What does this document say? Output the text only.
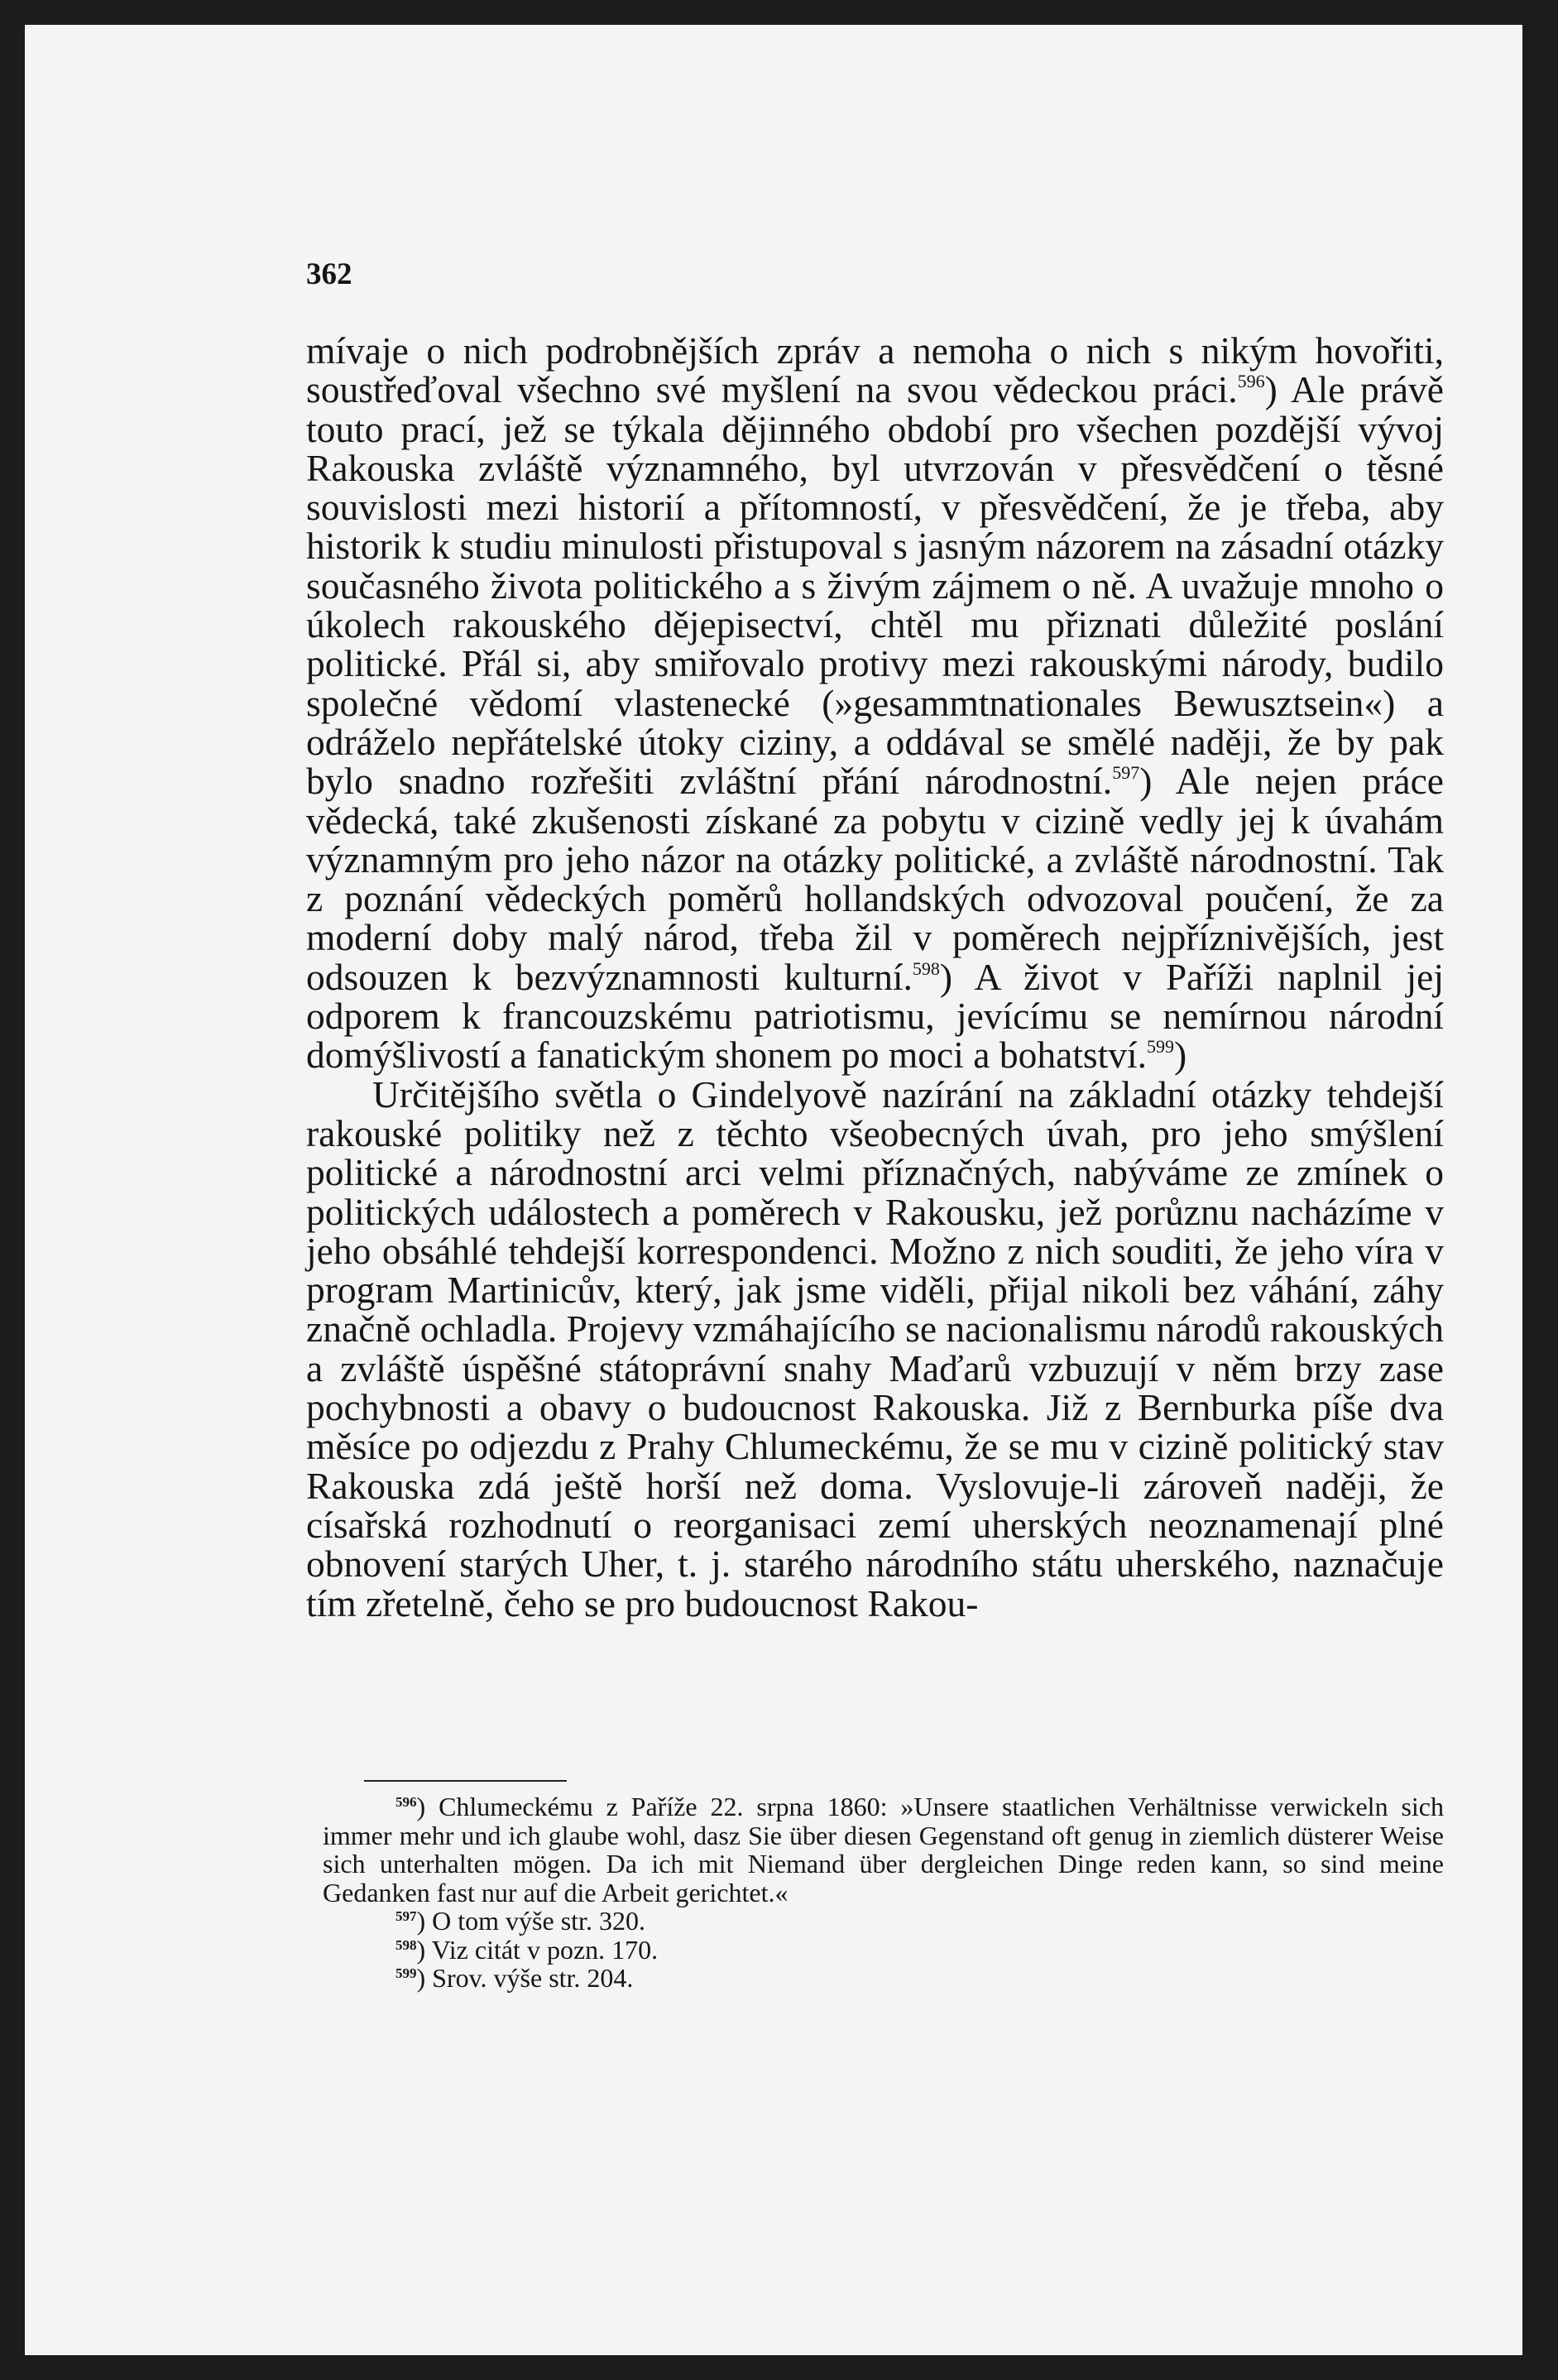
362

mívaje o nich podrobnějších zpráv a nemoha o nich s nikým hovořiti, soustřeďoval všechno své myšlení na svou vědeckou práci.$^{596}$) Ale právě touto prací, jež se týkala dějinného období pro všechen pozdější vývoj Rakouska zvláště významného, byl utvrzován v přesvědčení o těsné souvislosti mezi historií a přítomností, v přesvědčení, že je třeba, aby historik k studiu minulosti přistupoval s jasným názorem na zásadní otázky současného života politického a s živým zájmem o ně. A uvažuje mnoho o úkolech rakouského dějepisectví, chtěl mu přiznati důležité poslání politické. Přál si, aby smiřovalo protivy mezi rakouskými národy, budilo společné vědomí vlastenecké (»gesammtnationales Bewusztsein«) a odráželo nepřátelské útoky ciziny, a oddával se smělé naději, že by pak bylo snadno rozřešiti zvláštní přání národnostní.$^{597}$) Ale nejen práce vědecká, také zkušenosti získané za pobytu v cizině vedly jej k úvahám významným pro jeho názor na otázky politické, a zvláště národnostní. Tak z poznání vědeckých poměrů hollandských odvozoval poučení, že za moderní doby malý národ, třeba žil v poměrech nejpříznivějších, jest odsouzen k bezvýznamnosti kulturní.$^{598}$) A život v Paříži naplnil jej odporem k francouzskému patriotismu, jevícímu se nemírnou národní domýšlivostí a fanatickým shonem po moci a bohatství.$^{599}$)

Určitějšího světla o Gindelyově nazírání na základní otázky tehdejší rakouské politiky než z těchto všeobecných úvah, pro jeho smýšlení politické a národnostní arci velmi příznačných, nabýváme ze zmínek o politických událostech a poměrech v Rakousku, jež porůznu nacházíme v jeho obsáhlé tehdejší korrespondenci. Možno z nich souditi, že jeho víra v program Martinicův, který, jak jsme viděli, přijal nikoli bez váhání, záhy značně ochladla. Projevy vzmáhajícího se nacionalismu národů rakouských a zvláště úspěšné státoprávní snahy Maďarů vzbuzují v něm brzy zase pochybnosti a obavy o budoucnost Rakouska. Již z Bernburka píše dva měsíce po odjezdu z Prahy Chlumeckému, že se mu v cizině politický stav Rakouska zdá ještě horší než doma. Vyslovuje-li zároveň naději, že císařská rozhodnutí o reorganisaci zemí uherských neoznamenají plné obnovení starých Uher, t. j. starého národního státu uherského, naznačuje tím zřetelně, čeho se pro budoucnost Rakou-

$^{596}$) Chlumeckému z Paříže 22. srpna 1860: »Unsere staatlichen Verhältnisse verwickeln sich immer mehr und ich glaube wohl, dasz Sie über diesen Gegenstand oft genug in ziemlich düsterer Weise sich unterhalten mögen. Da ich mit Niemand über dergleichen Dinge reden kann, so sind meine Gedanken fast nur auf die Arbeit gerichtet.«

$^{597}$) O tom výše str. 320.

$^{598}$) Viz citát v pozn. 170.

$^{599}$) Srov. výše str. 204.
